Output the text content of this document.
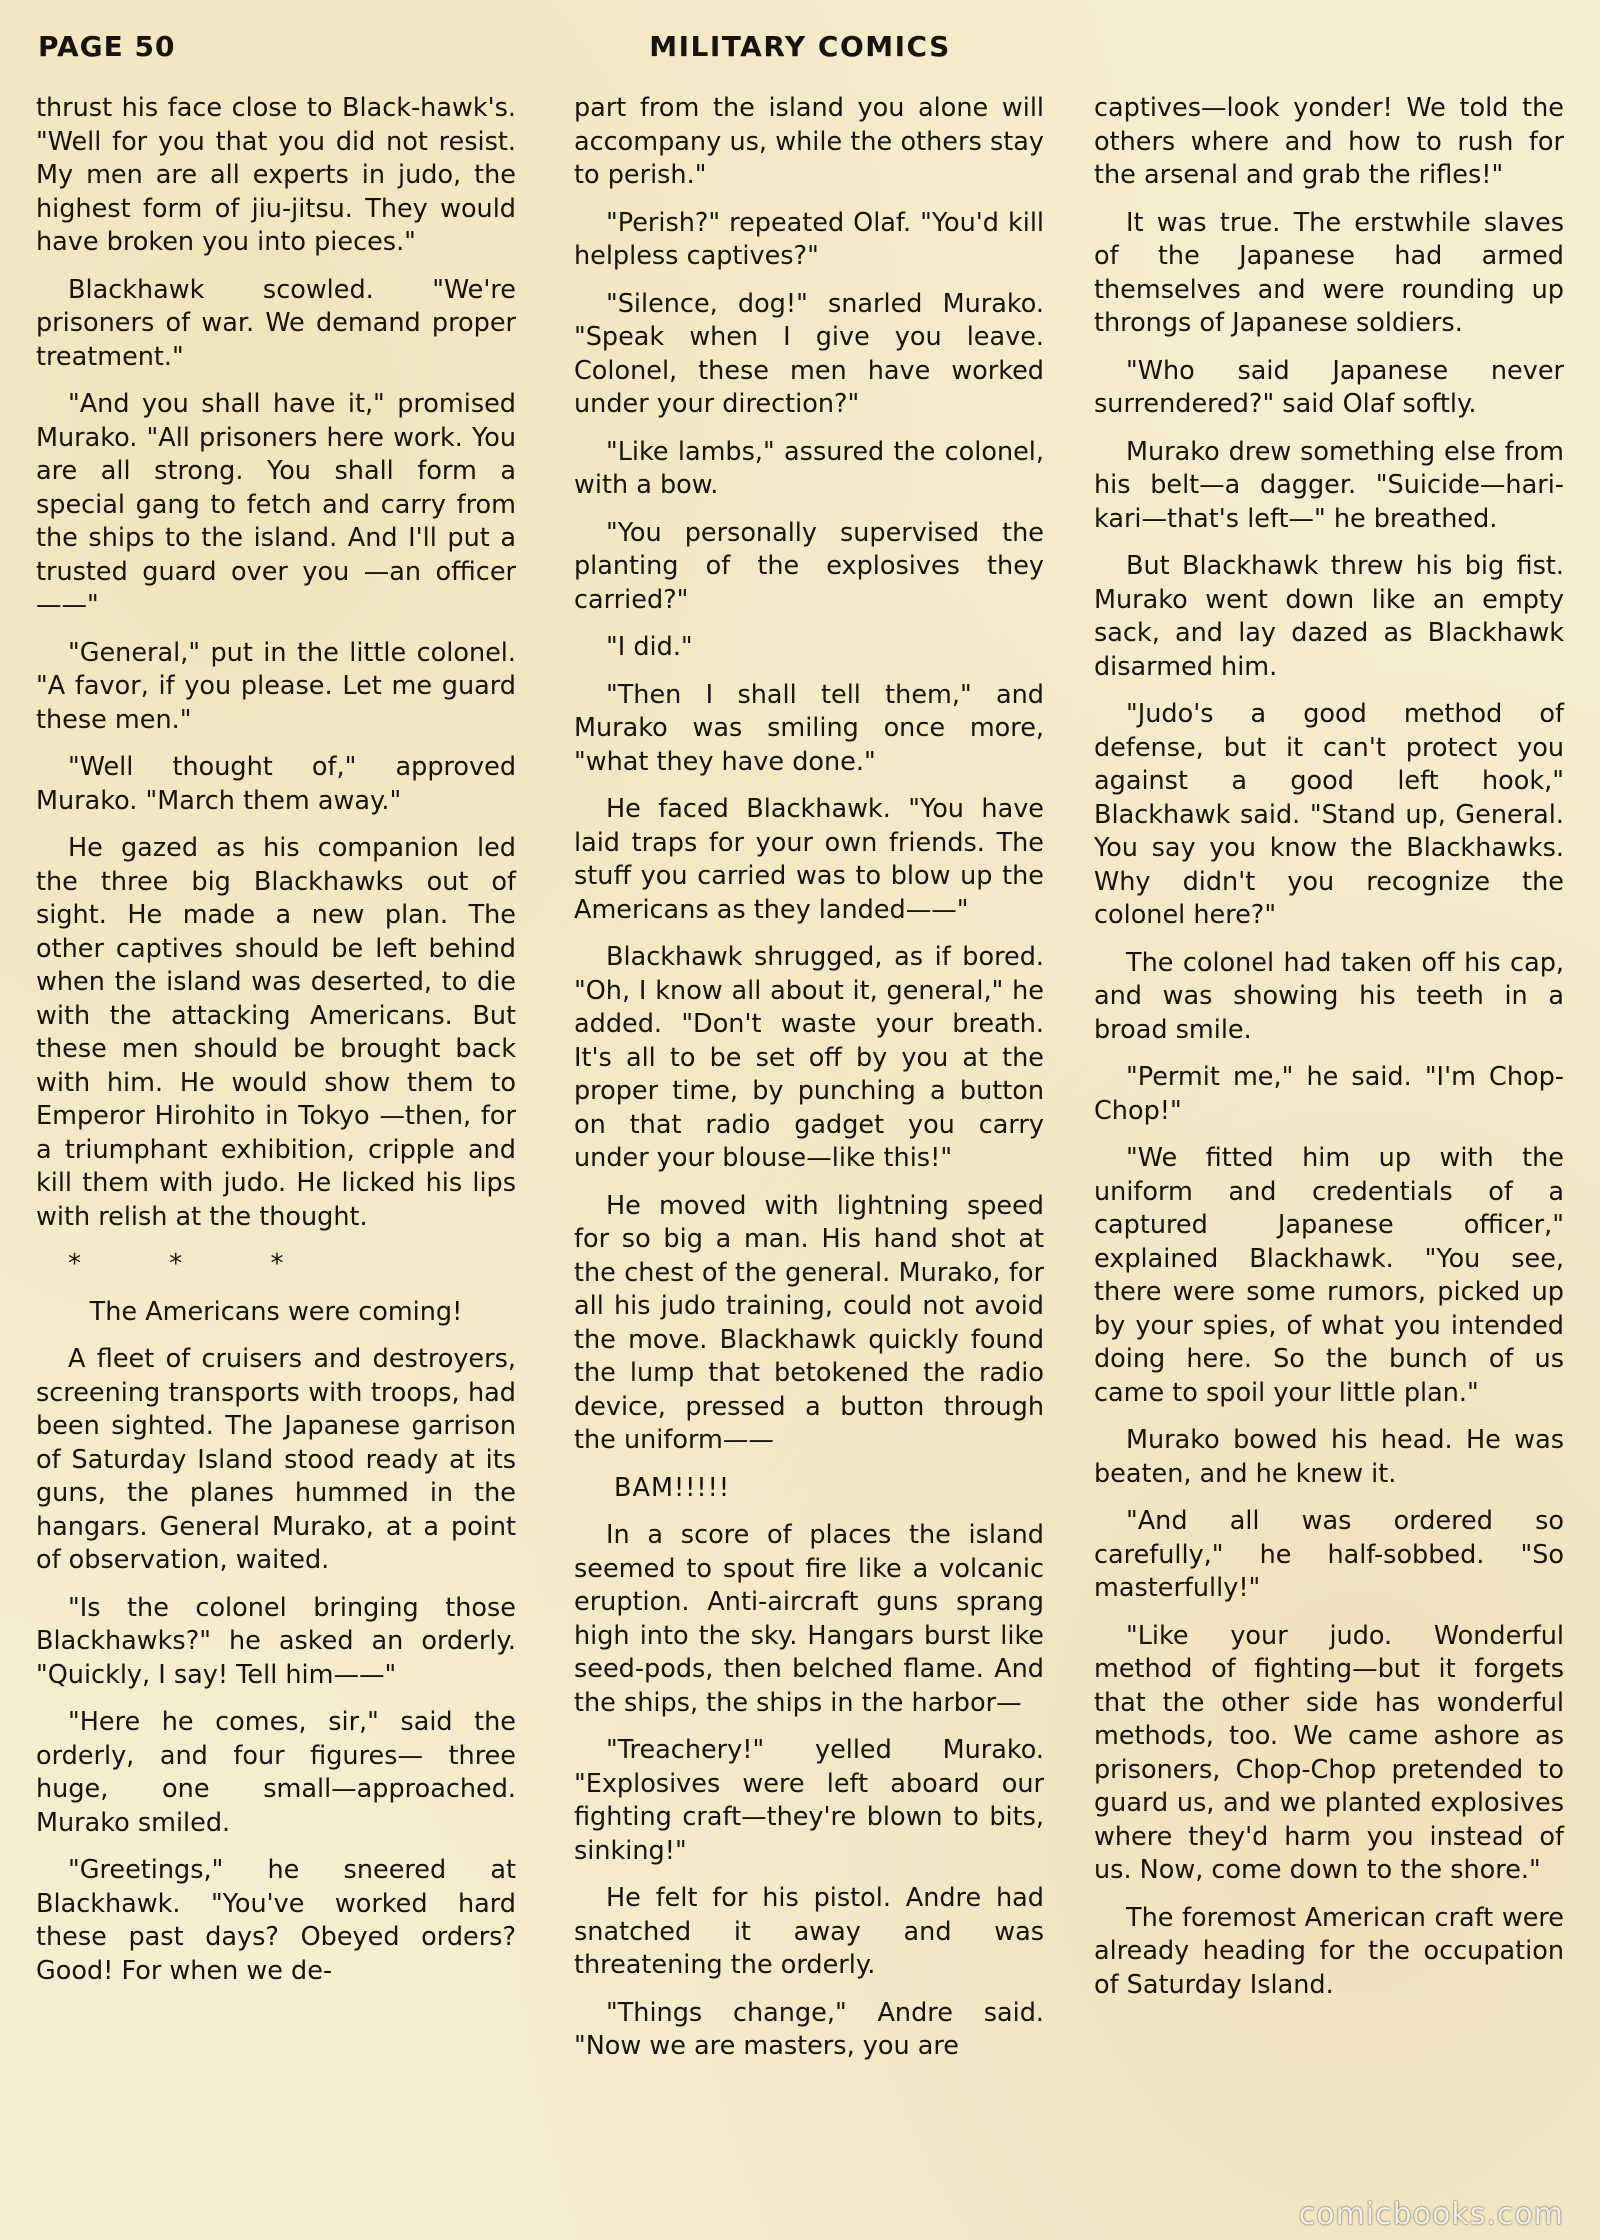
PAGE 50	MILITARY COMICS

thrust his face close to Black-hawk's. "Well for you that you did not resist. My men are all experts in judo, the highest form of jiu-jitsu. They would have broken you into pieces."

Blackhawk scowled. "We're prisoners of war. We demand proper treatment."

"And you shall have it," promised Murako. "All prisoners here work. You are all strong. You shall form a special gang to fetch and carry from the ships to the island. And I'll put a trusted guard over you —an officer——"

"General," put in the little colonel. "A favor, if you please. Let me guard these men."

"Well thought of," approved Murako. "March them away."

He gazed as his companion led the three big Blackhawks out of sight. He made a new plan. The other captives should be left behind when the island was deserted, to die with the attacking Americans. But these men should be brought back with him. He would show them to Emperor Hirohito in Tokyo —then, for a triumphant exhibition, cripple and kill them with judo. He licked his lips with relish at the thought.

* * *

The Americans were coming!

A fleet of cruisers and destroyers, screening transports with troops, had been sighted. The Japanese garrison of Saturday Island stood ready at its guns, the planes hummed in the hangars. General Murako, at a point of observation, waited.

"Is the colonel bringing those Blackhawks?" he asked an orderly. "Quickly, I say! Tell him——"

"Here he comes, sir," said the orderly, and four figures— three huge, one small—approached. Murako smiled.

"Greetings," he sneered at Blackhawk. "You've worked hard these past days? Obeyed orders? Good! For when we de-

part from the island you alone will accompany us, while the others stay to perish."

"Perish?" repeated Olaf. "You'd kill helpless captives?"

"Silence, dog!" snarled Murako. "Speak when I give you leave. Colonel, these men have worked under your direction?"

"Like lambs," assured the colonel, with a bow.

"You personally supervised the planting of the explosives they carried?"

"I did."

"Then I shall tell them," and Murako was smiling once more, "what they have done."

He faced Blackhawk. "You have laid traps for your own friends. The stuff you carried was to blow up the Americans as they landed——"

Blackhawk shrugged, as if bored. "Oh, I know all about it, general," he added. "Don't waste your breath. It's all to be set off by you at the proper time, by punching a button on that radio gadget you carry under your blouse—like this!"

He moved with lightning speed for so big a man. His hand shot at the chest of the general. Murako, for all his judo training, could not avoid the move. Blackhawk quickly found the lump that betokened the radio device, pressed a button through the uniform——

BAM!!!!!

In a score of places the island seemed to spout fire like a volcanic eruption. Anti-aircraft guns sprang high into the sky. Hangars burst like seed-pods, then belched flame. And the ships, the ships in the harbor—

"Treachery!" yelled Murako. "Explosives were left aboard our fighting craft—they're blown to bits, sinking!"

He felt for his pistol. Andre had snatched it away and was threatening the orderly.

"Things change," Andre said. "Now we are masters, you are

captives—look yonder! We told the others where and how to rush for the arsenal and grab the rifles!"

It was true. The erstwhile slaves of the Japanese had armed themselves and were rounding up throngs of Japanese soldiers.

"Who said Japanese never surrendered?" said Olaf softly.

Murako drew something else from his belt—a dagger. "Suicide—hari-kari—that's left—" he breathed.

But Blackhawk threw his big fist. Murako went down like an empty sack, and lay dazed as Blackhawk disarmed him.

"Judo's a good method of defense, but it can't protect you against a good left hook," Blackhawk said. "Stand up, General. You say you know the Blackhawks. Why didn't you recognize the colonel here?"

The colonel had taken off his cap, and was showing his teeth in a broad smile.

"Permit me," he said. "I'm Chop-Chop!"

"We fitted him up with the uniform and credentials of a captured Japanese officer," explained Blackhawk. "You see, there were some rumors, picked up by your spies, of what you intended doing here. So the bunch of us came to spoil your little plan."

Murako bowed his head. He was beaten, and he knew it.

"And all was ordered so carefully," he half-sobbed. "So masterfully!"

"Like your judo. Wonderful method of fighting—but it forgets that the other side has wonderful methods, too. We came ashore as prisoners, Chop-Chop pretended to guard us, and we planted explosives where they'd harm you instead of us. Now, come down to the shore."

The foremost American craft were already heading for the occupation of Saturday Island.

comicbooks.com
